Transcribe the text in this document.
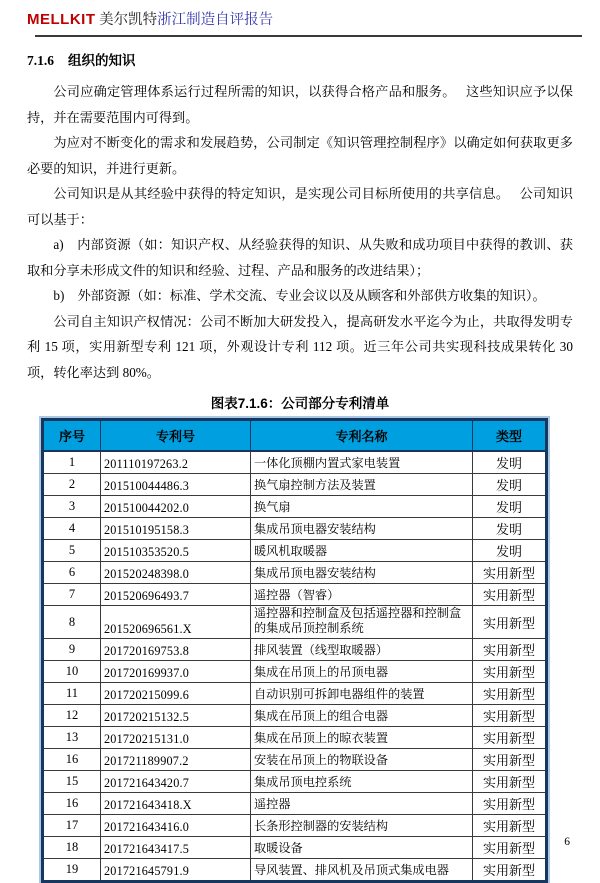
MELLKIT 美尔凯特浙江制造自评报告
7.1.6 组织的知识

公司应确定管理体系运行过程所需的知识，以获得合格产品和服务。　 这些知识应予以保持，并在需要范围内可得到。

为应对不断变化的需求和发展趋势，公司制定《知识管理控制程序》以确定如何获取更多必要的知识，并进行更新。

公司知识是从其经验中获得的特定知识，是实现公司目标所使用的共享信息。　 公司知识可以基于：

a)　内部资源（如：知识产权、从经验获得的知识、从失败和成功项目中获得的教训、获取和分享未形成文件的知识和经验、过程、产品和服务的改进结果）；

b)　外部资源（如：标准、学术交流、专业会议以及从顾客和外部供方收集的知识）。

公司自主知识产权情况：公司不断加大研发投入，提高研发水平迄今为止，共取得发明专利 15 项，实用新型专利 121 项，外观设计专利 112 项。近三年公司共实现科技成果转化 30 项，转化率达到 80%。

图表7.1.6：公司部分专利清单
序号	专利号	专利名称	类型
1	201110197263.2	一体化顶棚内置式家电装置	发明
2	201510044486.3	换气扇控制方法及装置	发明
3	201510044202.0	换气扇	发明
4	201510195158.3	集成吊顶电器安装结构	发明
5	201510353520.5	暖风机取暖器	发明
6	201520248398.0	集成吊顶电器安装结构	实用新型
7	201520696493.7	遥控器（智睿）	实用新型
8	201520696561.X	遥控器和控制盒及包括遥控器和控制盒的集成吊顶控制系统	实用新型
9	201720169753.8	排风装置（线型取暖器）	实用新型
10	201720169937.0	集成在吊顶上的吊顶电器	实用新型
11	201720215099.6	自动识别可拆卸电器组件的装置	实用新型
12	201720215132.5	集成在吊顶上的组合电器	实用新型
13	201720215131.0	集成在吊顶上的晾衣装置	实用新型
16	201721189907.2	安装在吊顶上的物联设备	实用新型
15	201721643420.7	集成吊顶电控系统	实用新型
16	201721643418.X	遥控器	实用新型
17	201721643416.0	长条形控制器的安装结构	实用新型
18	201721643417.5	取暖设备	实用新型
19	201721645791.9	导风装置、排风机及吊顶式集成电器	实用新型
6
